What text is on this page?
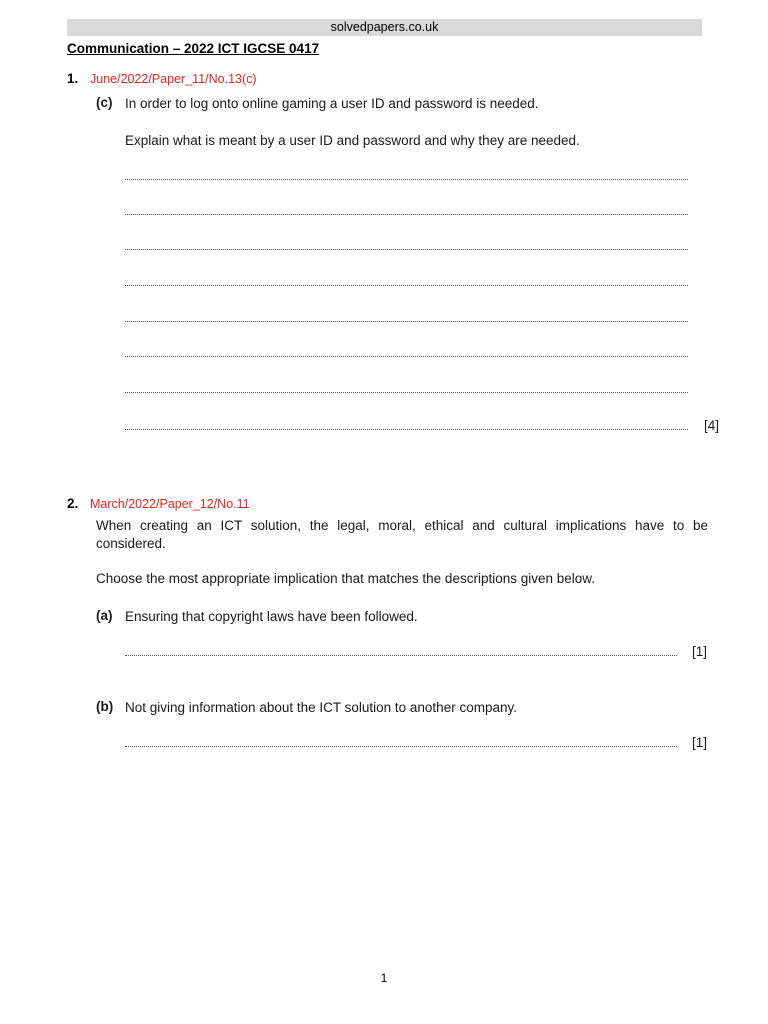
solvedpapers.co.uk
Communication – 2022 ICT IGCSE 0417
1. June/2022/Paper_11/No.13(c)
(c) In order to log onto online gaming a user ID and password is needed.
Explain what is meant by a user ID and password and why they are needed.
[4]
2. March/2022/Paper_12/No.11
When creating an ICT solution, the legal, moral, ethical and cultural implications have to be considered.
Choose the most appropriate implication that matches the descriptions given below.
(a) Ensuring that copyright laws have been followed.
[1]
(b) Not giving information about the ICT solution to another company.
[1]
1
